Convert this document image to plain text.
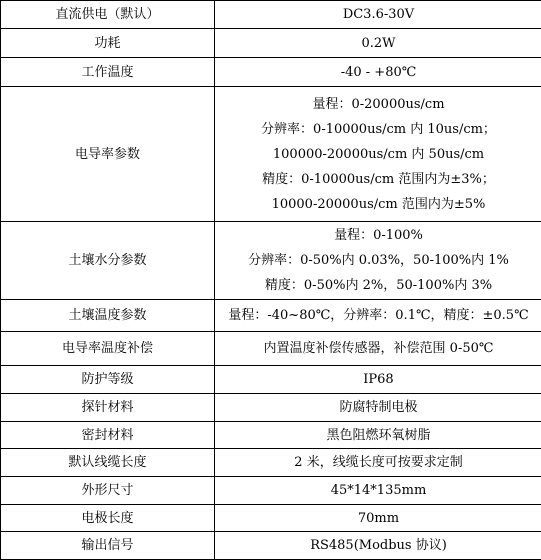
直流供电（默认）	DC3.6-30V

功耗	0.2W

工作温度	-40 - +80℃

电导率参数	量程：0-20000us/cm
分辨率：0-10000us/cm 内 10us/cm；
100000-20000us/cm 内 50us/cm
精度：0-10000us/cm 范围内为±3%；
10000-20000us/cm 范围内为±5%

土壤水分参数	量程：0-100%
分辨率：0-50%内 0.03%，50-100%内 1%
精度：0-50%内 2%，50-100%内 3%

土壤温度参数	量程：-40~80℃，分辨率：0.1℃，精度：±0.5℃

电导率温度补偿	内置温度补偿传感器，补偿范围 0-50℃

防护等级	IP68

探针材料	防腐特制电极

密封材料	黑色阻燃环氧树脂

默认线缆长度	2 米，线缆长度可按要求定制

外形尺寸	45*14*135mm

电极长度	70mm

输出信号	RS485(Modbus 协议)
